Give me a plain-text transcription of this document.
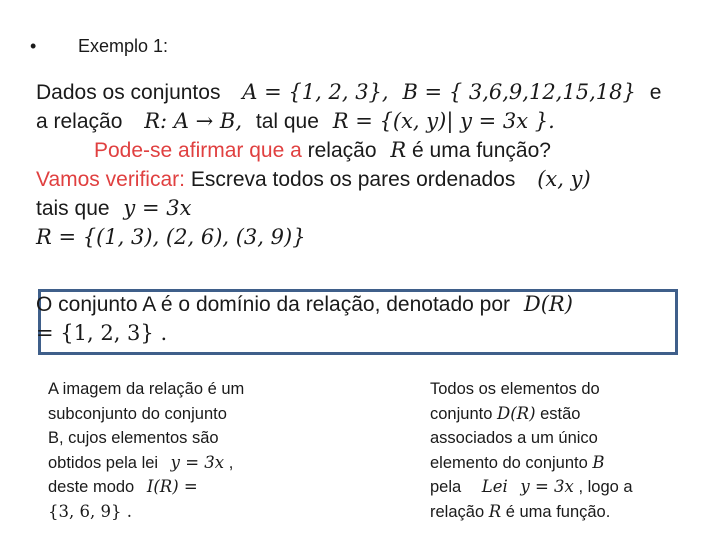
• Exemplo 1:
Dados os conjuntos A = {1, 2, 3}, B = { 3,6,9,12,15,18} e
a relação R: A → B, tal que R = {(x, y)| y = 3x }.
Pode-se afirmar que a relação R é uma função?
Vamos verificar: Escreva todos os pares ordenados (x, y)
tais que y = 3x
R = {(1, 3), (2, 6), (3, 9)}
O conjunto A é o domínio da relação, denotado por D(R)
= {1, 2, 3} .
A imagem da relação é um
subconjunto do conjunto
B, cujos elementos são
obtidos pela lei y = 3x ,
deste modo I(R) =
{3, 6, 9} .
Todos os elementos do
conjunto D(R) estão
associados a um único
elemento do conjunto B
pela Lei y = 3x , logo a
relação R é uma função.
